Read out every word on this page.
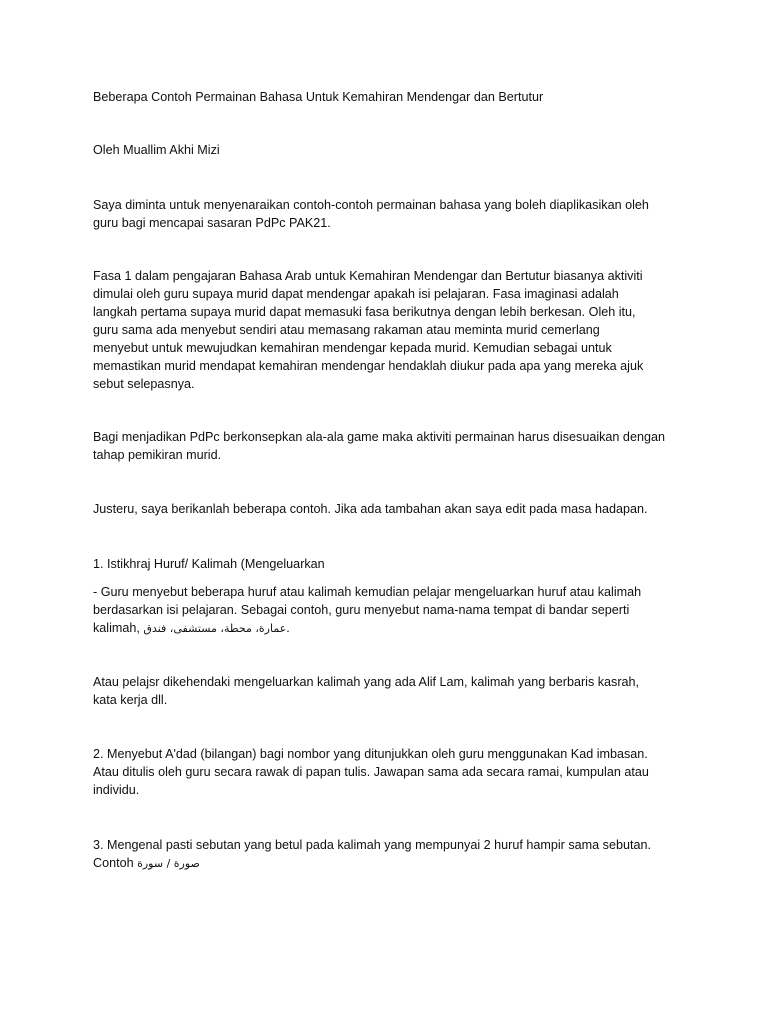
Beberapa Contoh Permainan Bahasa Untuk Kemahiran Mendengar dan Bertutur
Oleh Muallim Akhi Mizi
Saya diminta untuk menyenaraikan contoh-contoh permainan bahasa yang boleh diaplikasikan oleh
guru bagi mencapai sasaran PdPc PAK21.
Fasa 1 dalam pengajaran Bahasa Arab untuk Kemahiran Mendengar dan Bertutur biasanya aktiviti
dimulai oleh guru supaya murid dapat mendengar apakah isi pelajaran. Fasa imaginasi adalah
langkah pertama supaya murid dapat memasuki fasa berikutnya dengan lebih berkesan. Oleh itu,
guru sama ada menyebut sendiri atau memasang rakaman atau meminta murid cemerlang
menyebut untuk mewujudkan kemahiran mendengar kepada murid. Kemudian sebagai untuk
memastikan murid mendapat kemahiran mendengar hendaklah diukur pada apa yang mereka ajuk
sebut selepasnya.
Bagi menjadikan PdPc berkonsepkan ala-ala game maka aktiviti permainan harus disesuaikan dengan
tahap pemikiran murid.
Justeru, saya berikanlah beberapa contoh. Jika ada tambahan akan saya edit pada masa hadapan.
1. Istikhraj Huruf/ Kalimah (Mengeluarkan
- Guru menyebut beberapa huruf atau kalimah kemudian pelajar mengeluarkan huruf atau kalimah
berdasarkan isi pelajaran. Sebagai contoh, guru menyebut nama-nama tempat di bandar seperti
kalimah, عمارة، محطة، مستشفى، فندق.
Atau pelajsr dikehendaki mengeluarkan kalimah yang ada Alif Lam, kalimah yang berbaris kasrah,
kata kerja dll.
2. Menyebut A'dad (bilangan) bagi nombor yang ditunjukkan oleh guru menggunakan Kad imbasan.
Atau ditulis oleh guru secara rawak di papan tulis. Jawapan sama ada secara ramai, kumpulan atau
individu.
3. Mengenal pasti sebutan yang betul pada kalimah yang mempunyai 2 huruf hampir sama sebutan.
Contoh صورة / سورة
